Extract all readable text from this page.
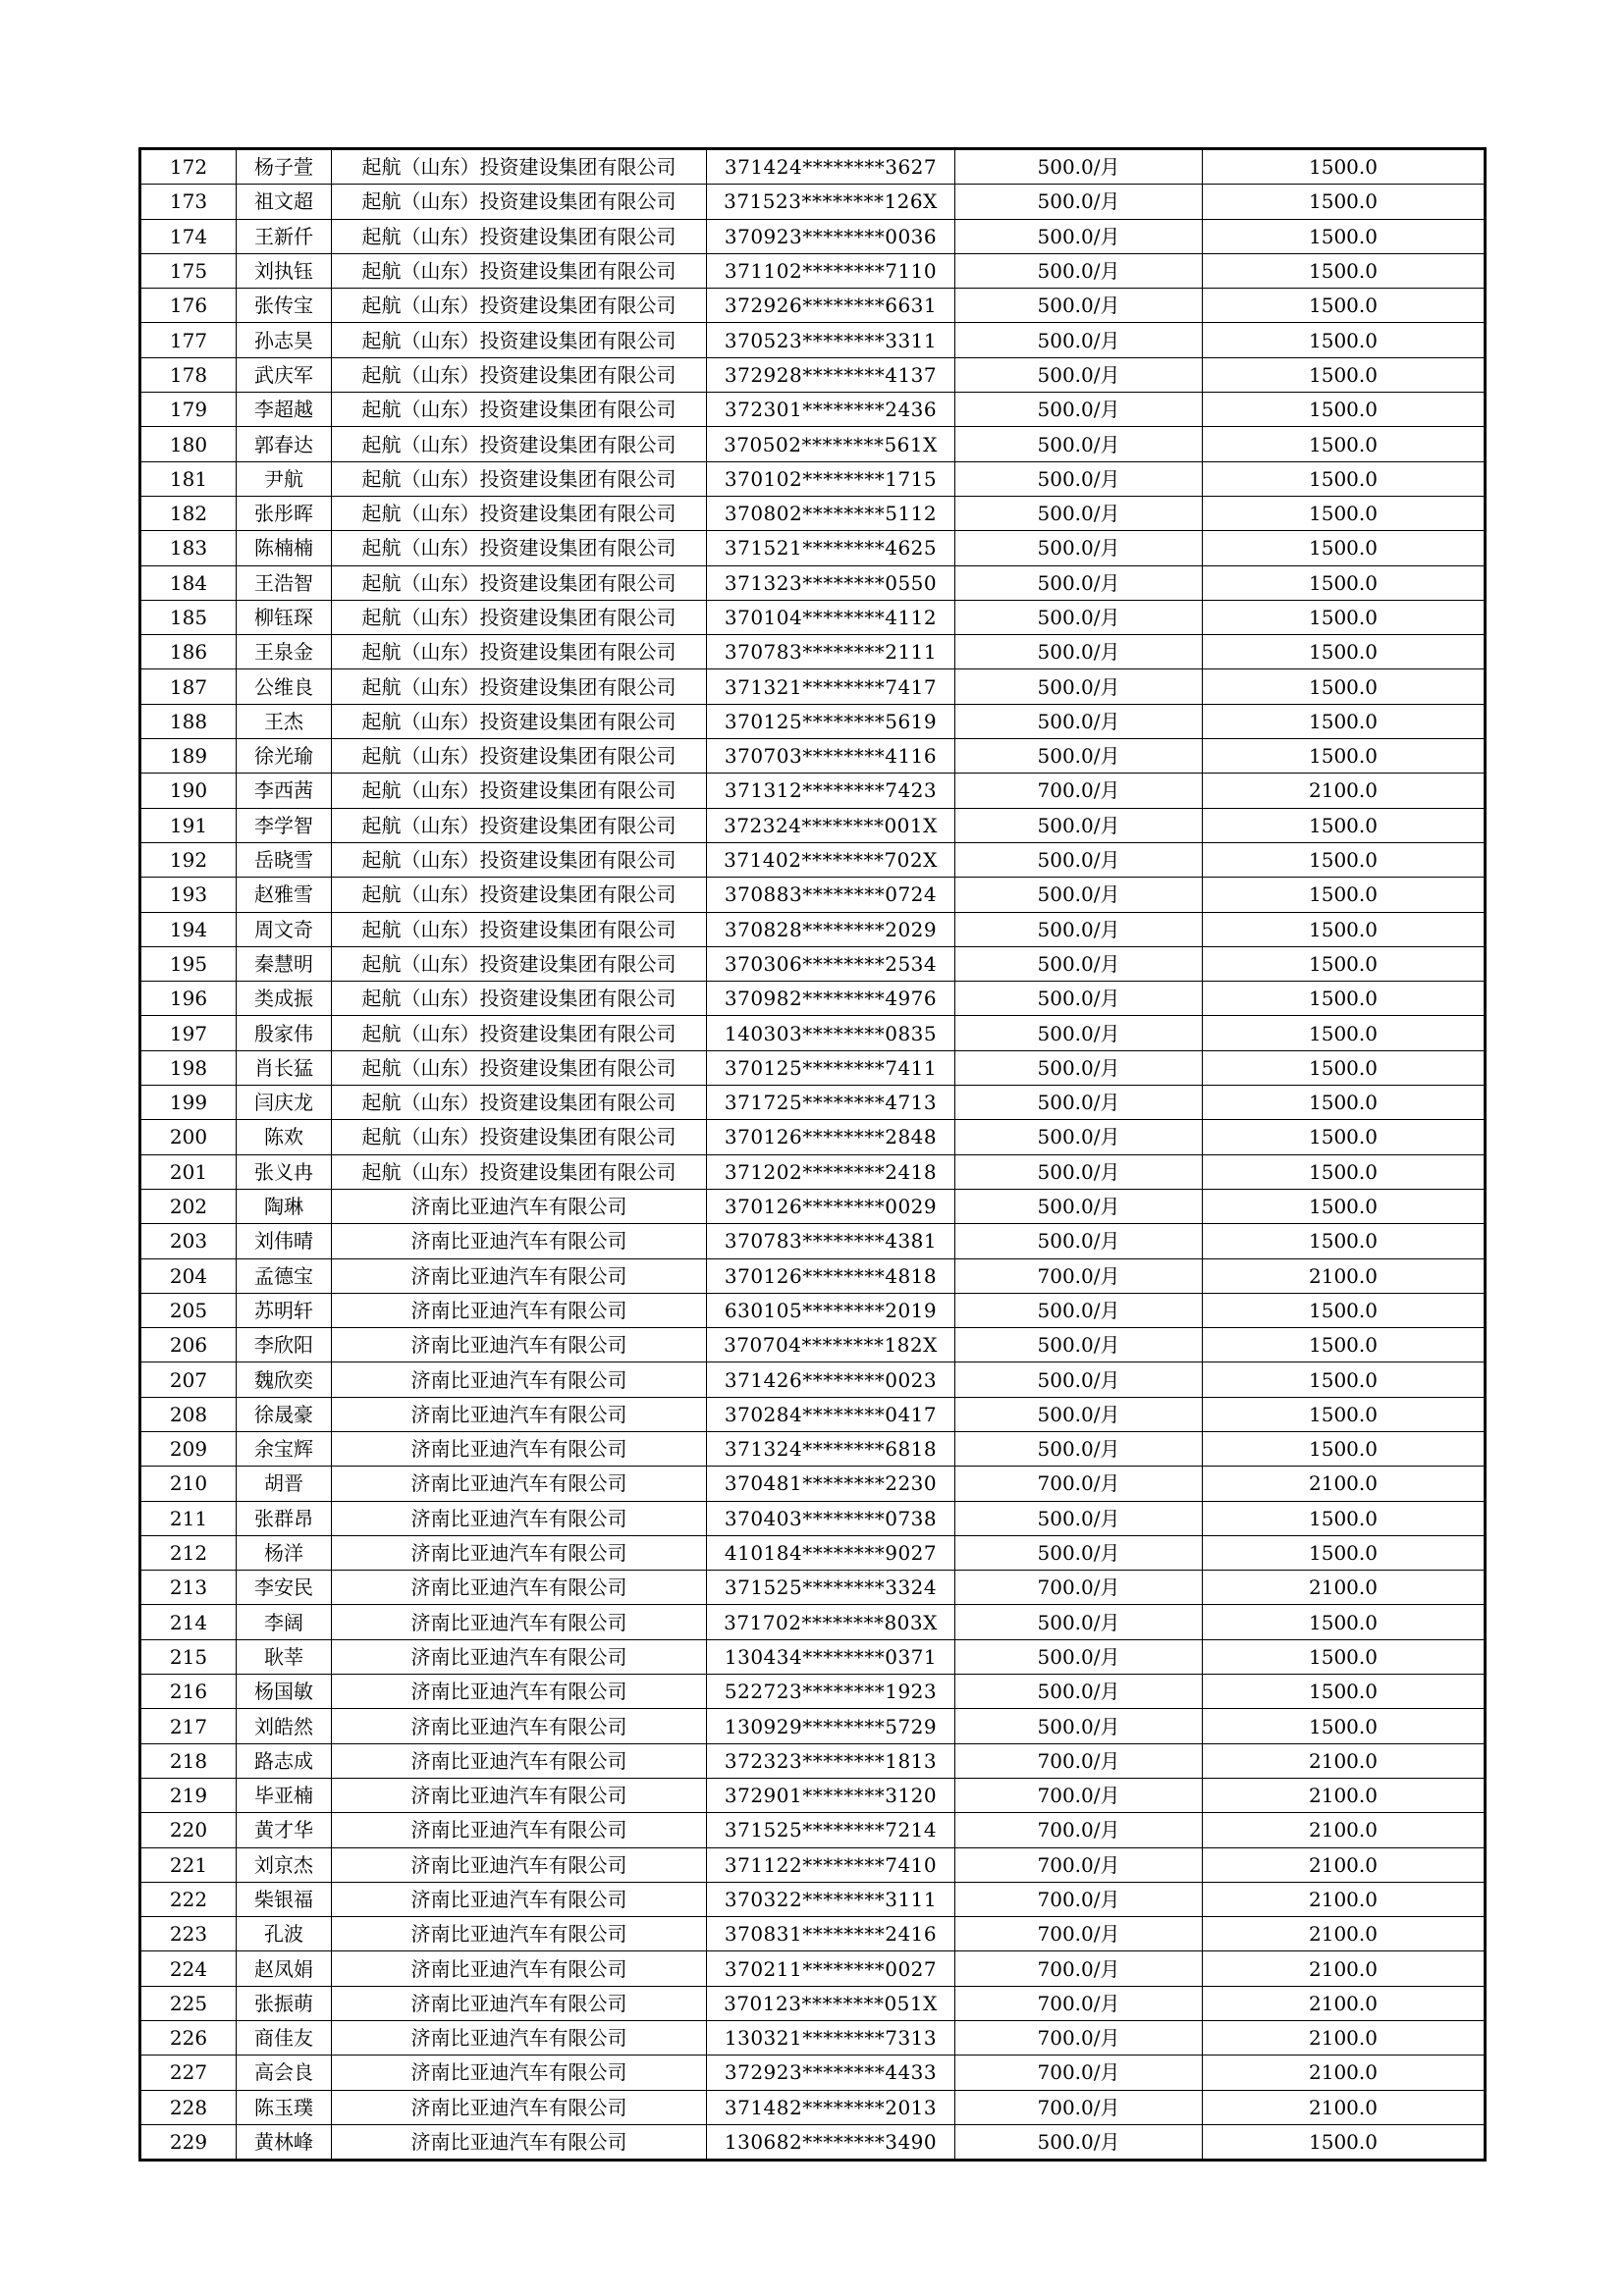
172	杨子萱	起航（山东）投资建设集团有限公司	371424********3627	500.0/月	1500.0
173	祖文超	起航（山东）投资建设集团有限公司	371523********126X	500.0/月	1500.0
174	王新仟	起航（山东）投资建设集团有限公司	370923********0036	500.0/月	1500.0
175	刘执钰	起航（山东）投资建设集团有限公司	371102********7110	500.0/月	1500.0
176	张传宝	起航（山东）投资建设集团有限公司	372926********6631	500.0/月	1500.0
177	孙志昊	起航（山东）投资建设集团有限公司	370523********3311	500.0/月	1500.0
178	武庆军	起航（山东）投资建设集团有限公司	372928********4137	500.0/月	1500.0
179	李超越	起航（山东）投资建设集团有限公司	372301********2436	500.0/月	1500.0
180	郭春达	起航（山东）投资建设集团有限公司	370502********561X	500.0/月	1500.0
181	尹航	起航（山东）投资建设集团有限公司	370102********1715	500.0/月	1500.0
182	张彤晖	起航（山东）投资建设集团有限公司	370802********5112	500.0/月	1500.0
183	陈楠楠	起航（山东）投资建设集团有限公司	371521********4625	500.0/月	1500.0
184	王浩智	起航（山东）投资建设集团有限公司	371323********0550	500.0/月	1500.0
185	柳钰琛	起航（山东）投资建设集团有限公司	370104********4112	500.0/月	1500.0
186	王泉金	起航（山东）投资建设集团有限公司	370783********2111	500.0/月	1500.0
187	公维良	起航（山东）投资建设集团有限公司	371321********7417	500.0/月	1500.0
188	王杰	起航（山东）投资建设集团有限公司	370125********5619	500.0/月	1500.0
189	徐光瑜	起航（山东）投资建设集团有限公司	370703********4116	500.0/月	1500.0
190	李西茜	起航（山东）投资建设集团有限公司	371312********7423	700.0/月	2100.0
191	李学智	起航（山东）投资建设集团有限公司	372324********001X	500.0/月	1500.0
192	岳晓雪	起航（山东）投资建设集团有限公司	371402********702X	500.0/月	1500.0
193	赵雅雪	起航（山东）投资建设集团有限公司	370883********0724	500.0/月	1500.0
194	周文奇	起航（山东）投资建设集团有限公司	370828********2029	500.0/月	1500.0
195	秦慧明	起航（山东）投资建设集团有限公司	370306********2534	500.0/月	1500.0
196	类成振	起航（山东）投资建设集团有限公司	370982********4976	500.0/月	1500.0
197	殷家伟	起航（山东）投资建设集团有限公司	140303********0835	500.0/月	1500.0
198	肖长猛	起航（山东）投资建设集团有限公司	370125********7411	500.0/月	1500.0
199	闫庆龙	起航（山东）投资建设集团有限公司	371725********4713	500.0/月	1500.0
200	陈欢	起航（山东）投资建设集团有限公司	370126********2848	500.0/月	1500.0
201	张义冉	起航（山东）投资建设集团有限公司	371202********2418	500.0/月	1500.0
202	陶琳	济南比亚迪汽车有限公司	370126********0029	500.0/月	1500.0
203	刘伟晴	济南比亚迪汽车有限公司	370783********4381	500.0/月	1500.0
204	孟德宝	济南比亚迪汽车有限公司	370126********4818	700.0/月	2100.0
205	苏明轩	济南比亚迪汽车有限公司	630105********2019	500.0/月	1500.0
206	李欣阳	济南比亚迪汽车有限公司	370704********182X	500.0/月	1500.0
207	魏欣奕	济南比亚迪汽车有限公司	371426********0023	500.0/月	1500.0
208	徐晟豪	济南比亚迪汽车有限公司	370284********0417	500.0/月	1500.0
209	余宝辉	济南比亚迪汽车有限公司	371324********6818	500.0/月	1500.0
210	胡晋	济南比亚迪汽车有限公司	370481********2230	700.0/月	2100.0
211	张群昂	济南比亚迪汽车有限公司	370403********0738	500.0/月	1500.0
212	杨洋	济南比亚迪汽车有限公司	410184********9027	500.0/月	1500.0
213	李安民	济南比亚迪汽车有限公司	371525********3324	700.0/月	2100.0
214	李阔	济南比亚迪汽车有限公司	371702********803X	500.0/月	1500.0
215	耿莘	济南比亚迪汽车有限公司	130434********0371	500.0/月	1500.0
216	杨国敏	济南比亚迪汽车有限公司	522723********1923	500.0/月	1500.0
217	刘皓然	济南比亚迪汽车有限公司	130929********5729	500.0/月	1500.0
218	路志成	济南比亚迪汽车有限公司	372323********1813	700.0/月	2100.0
219	毕亚楠	济南比亚迪汽车有限公司	372901********3120	700.0/月	2100.0
220	黄才华	济南比亚迪汽车有限公司	371525********7214	700.0/月	2100.0
221	刘京杰	济南比亚迪汽车有限公司	371122********7410	700.0/月	2100.0
222	柴银福	济南比亚迪汽车有限公司	370322********3111	700.0/月	2100.0
223	孔波	济南比亚迪汽车有限公司	370831********2416	700.0/月	2100.0
224	赵凤娟	济南比亚迪汽车有限公司	370211********0027	700.0/月	2100.0
225	张振萌	济南比亚迪汽车有限公司	370123********051X	700.0/月	2100.0
226	商佳友	济南比亚迪汽车有限公司	130321********7313	700.0/月	2100.0
227	高会良	济南比亚迪汽车有限公司	372923********4433	700.0/月	2100.0
228	陈玉璞	济南比亚迪汽车有限公司	371482********2013	700.0/月	2100.0
229	黄林峰	济南比亚迪汽车有限公司	130682********3490	500.0/月	1500.0
